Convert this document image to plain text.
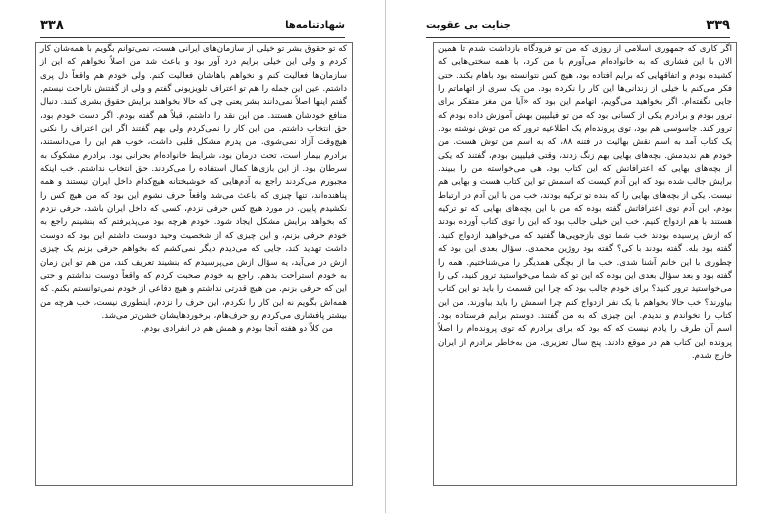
۳۳۸	شهادتنامه‌ها

که تو حقوق بشر تو خیلی از سازمان‌های ایرانی هست، نمی‌توانم بگویم با همه‌شان کار کردم و ولی این خیلی برایم درد آور بود و باعث شد من اصلاً نخواهم که این از سازمان‌ها فعالیت کنم و نخواهم باهاشان فعالیت کنم. ولی خودم هم واقعاً دل پری داشتم. عین این جمله را هم تو اعتراف تلویزیونی گفتم و ولی از گفتنش ناراحت نیستم. گفتم اینها اصلاً نمی‌دانند بشر یعنی چی که حالا بخواهند برایش حقوق بشری کنند. دنبال منافع خودشان هستند. من این نقد را داشتم، قبلاً هم گفته بودم. اگر دست خودم بود، حق انتخاب داشتم. من این کار را نمی‌کردم ولی بهم گفتند اگر این اعتراف را نکنی هیچ‌وقت آزاد نمی‌شوی. من پدرم مشکل قلبی داشت، خوب هم این را می‌دانستند، برادرم بیمار است، تحت درمان بود، شرایط خانواده‌ام بحرانی بود. برادرم مشکوک به سرطان بود. از این بازی‌ها کمال استفاده را می‌کردند. حق انتخاب نداشتم. خب اینکه مجبورم می‌کردند راجع به آدم‌هایی که خوشبختانه هیچ‌کدام داخل ایران نیستند و همه پناهنده‌اند، تنها چیزی که باعث می‌شد واقعاً حرف نشوم این بود که من هیچ کس را نکشیدم پایین. در مورد هیچ کس حرفی نزدم، کسی که داخل ایران باشد، حرفی نزدم که بخواهد برایش مشکل ایجاد شود. خودم هرچه بود می‌پذیرفتم که بنشینم راجع به خودم حرفی بزنم، و این چیزی که از شخصیت وحید دوست داشتم این بود که دوست داشت تهدید کند، جایی که می‌دیدم دیگر نمی‌کشم که بخواهم حرفی بزنم یک چیزی ازش در می‌آید، یه سؤال ازش می‌پرسیدم که بنشیند تعریف کند، من هم تو این زمان به خودم استراحت بدهم. راجع به خودم صحبت کردم که واقعاً دوست نداشتم و حتی این که حرفی بزنم. من هیچ قدرتی نداشتم و هیچ دفاعی از خودم نمی‌توانستم بکنم. که همه‌اش بگویم نه این کار را نکردم، این حرف را نزدم، اینطوری نیست، خب هرچه من بیشتر پافشاری می‌کردم رو حرف‌هام، برخوردهایشان خشن‌تر می‌شد.

من کلاً دو هفته آنجا بودم و همش هم در انفرادی بودم.

۳۳۹
جنایت بی عقوبت

اگر کاری که جمهوری اسلامی از روزی که من تو فرودگاه بازداشت شدم تا همین الان با این فشاری که به خانواده‌ام می‌آورم با من کرد، با همه سختی‌هایی که کشیده بودم و اتفاقهایی که برایم افتاده بود، هیچ کس نتوانسته بود باهام بکند. حتی فکر می‌کنم با خیلی از زندانی‌ها این کار را نکرده بود. من یک سری از اتهاماتم را جایی نگفته‌ام. اگر بخواهید می‌گویم، اتهامم این بود که «آیا من مغز متفکر برای ترور بودم و برادرم یکی از کسانی بود که من تو فیلیپین بهش آموزش داده بودم که ترور کند. جاسوسی هم بود، توی پرونده‌ام یک اطلاعیه ترور که من توش نوشته بود. یک کتاب آمد به اسم نقش بهائیت در فتنه ۸۸، که به اسم من توش هست. من خودم هم ندیدمش. بچه‌های بهایی بهم زنگ زدند، وقتی فیلیپین بودم، گفتند که یکی از بچه‌های بهایی که اعترافاتش که این کتاب بود، هی می‌خواسته من را ببیند. برایش جالب شده بود که این آدم کیست که اسمش تو این کتاب هست و بهایی هم نیست. یکی از بچه‌های بهایی را که بنده تو ترکیه بودند، خب من با این آدم در ارتباط بودم، این آدم توی اعترافاتش گفته بوده که من با این بچه‌های بهایی که تو ترکیه هستند با هم ازدواج کنیم. خب این خیلی جالب بود که این را توی کتاب آورده بودند که ازش پرسیده بودند خب شما توی بازجویی‌ها گفتید که می‌خواهید ازدواج کنید. گفته بود بله. گفته بودند با کی؟ گفته بود روژین محمدی. سؤال بعدی این بود که چطوری با این خانم آشنا شدی. خب ما از بچگی همدیگر را می‌شناختیم. همه را گفته بود و بعد سؤال بعدی این بوده که این تو که شما می‌خواستید ترور کنید، کی را می‌خواستید ترور کنید؟ برای خودم جالب بود که چرا این قسمت را باید تو این کتاب بیاورند؟ خب حالا بخواهم با یک نفر ازدواج کنم چرا اسمش را باید بیاورند. من این کتاب را نخواندم و ندیدم. این چیزی که به من گفتند. دوستم برایم فرستاده بود. اسم آن طرف را یادم نیست که که بود که برای برادرم که توی پرونده‌ام را اصلاً پرونده این کتاب هم در موقع دادند. پنج سال تعزیری. من به‌خاطر برادرم از ایران خارج شدم.
